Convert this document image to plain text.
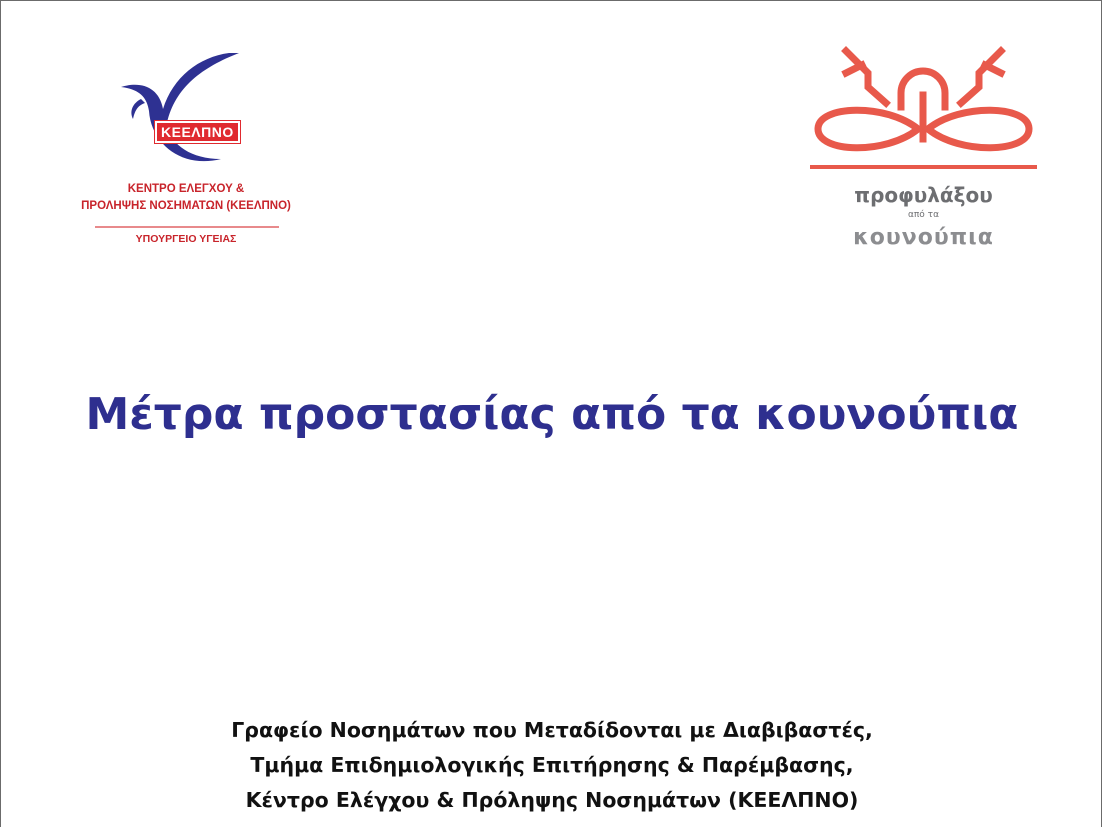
ΚΕΕΛΠΝΟ
ΚΕΝΤΡΟ ΕΛΕΓΧΟΥ &
ΠΡΟΛΗΨΗΣ ΝΟΣΗΜΑΤΩΝ (ΚΕΕΛΠΝΟ)
ΥΠΟΥΡΓΕΙΟ ΥΓΕΙΑΣ
προφυλάξου
από τα
κουνούπια
Μέτρα προστασίας από τα κουνούπια
Γραφείο Νοσημάτων που Μεταδίδονται με Διαβιβαστές,
Τμήμα Επιδημιολογικής Επιτήρησης & Παρέμβασης,
Κέντρο Ελέγχου & Πρόληψης Νοσημάτων (ΚΕΕΛΠΝΟ)
